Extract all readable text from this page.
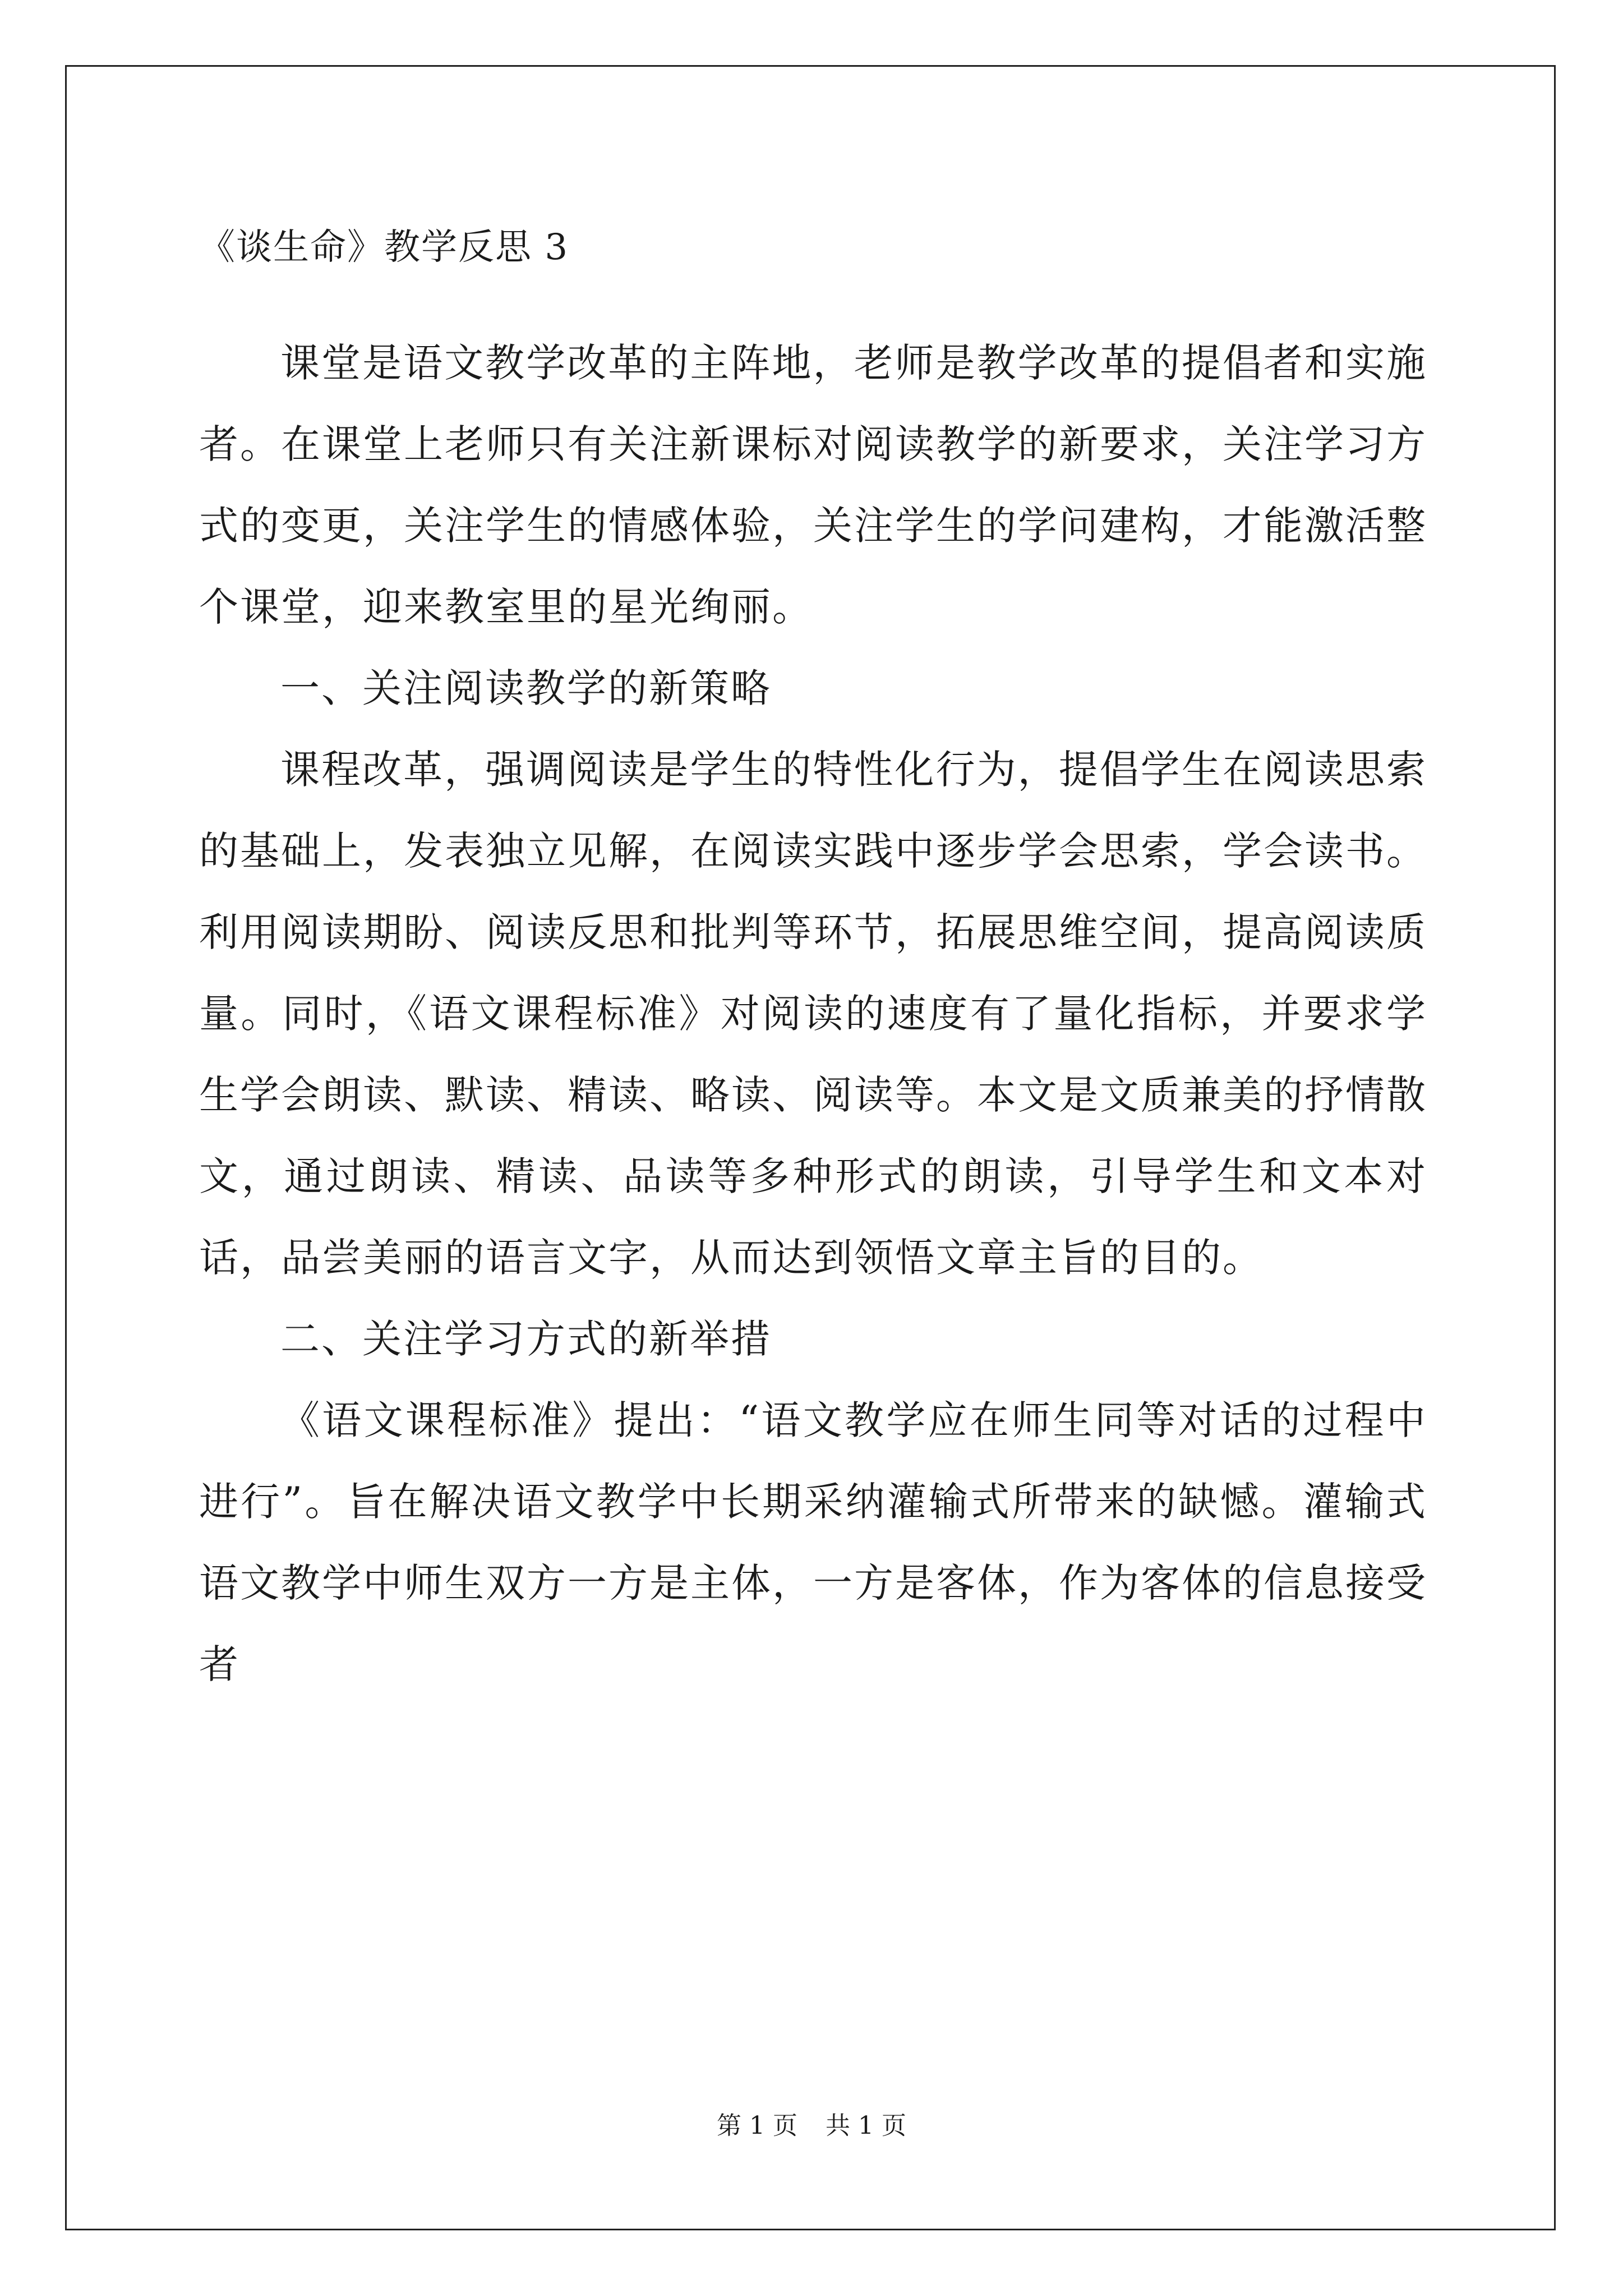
《谈生命》教学反思 3

课堂是语文教学改革的主阵地，老师是教学改革的提倡者和实施者。在课堂上老师只有关注新课标对阅读教学的新要求，关注学习方式的变更，关注学生的情感体验，关注学生的学问建构，才能激活整个课堂，迎来教室里的星光绚丽。

一、关注阅读教学的新策略

课程改革，强调阅读是学生的特性化行为，提倡学生在阅读思索的基础上，发表独立见解，在阅读实践中逐步学会思索，学会读书。利用阅读期盼、阅读反思和批判等环节，拓展思维空间，提高阅读质量。同时，《语文课程标准》对阅读的速度有了量化指标，并要求学生学会朗读、默读、精读、略读、阅读等。本文是文质兼美的抒情散文，通过朗读、精读、品读等多种形式的朗读，引导学生和文本对话，品尝美丽的语言文字，从而达到领悟文章主旨的目的。

二、关注学习方式的新举措

《语文课程标准》提出：“语文教学应在师生同等对话的过程中进行”。旨在解决语文教学中长期采纳灌输式所带来的缺憾。灌输式语文教学中师生双方一方是主体，一方是客体，作为客体的信息接受者

第 1 页 共 1 页
